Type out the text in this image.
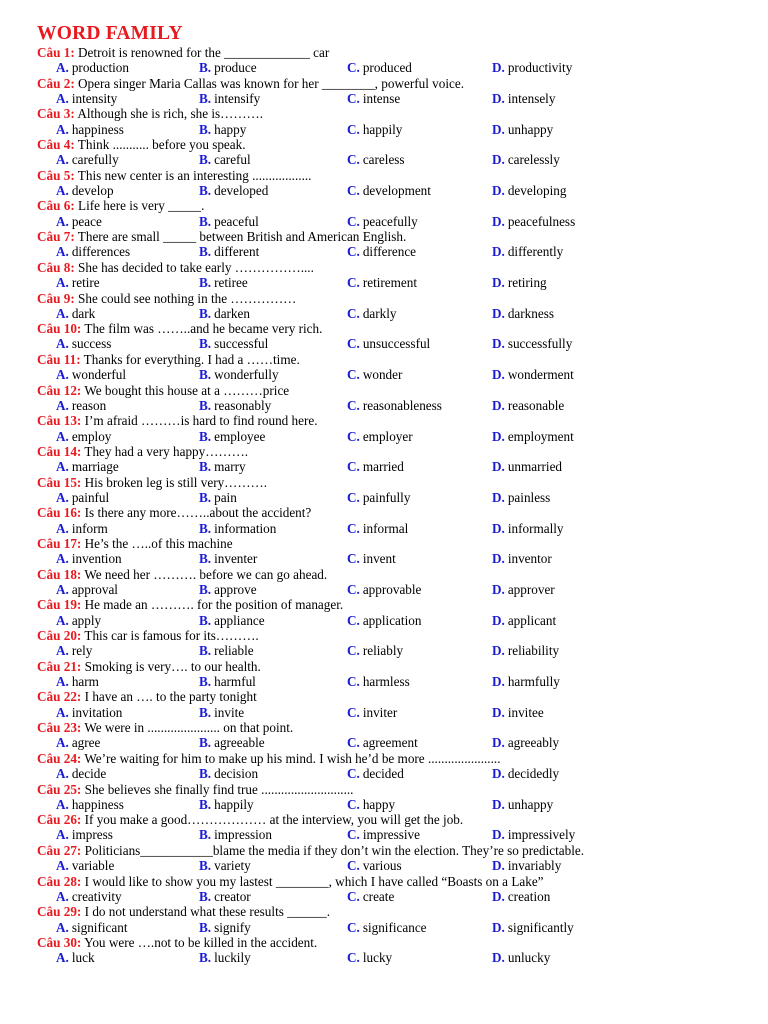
WORD FAMILY
Câu 1: Detroit is renowned for the _____________ car
A. production	B. produce	C. produced	D. productivity
Câu 2: Opera singer Maria Callas was known for her ________, powerful voice.
A. intensity	B. intensify	C. intense	D. intensely
Câu 3: Although she is rich, she is……….
A. happiness	B. happy	C. happily	D. unhappy
Câu 4: Think ........... before you speak.
A. carefully	B. careful	C. careless	D. carelessly
Câu 5: This new center is an interesting ..................
A. develop	B. developed	C. development	D. developing
Câu 6: Life here is very _____.
A. peace	B. peaceful	C. peacefully	D. peacefulness
Câu 7: There are small _____ between British and American English.
A. differences	B. different	C. difference	D. differently
Câu 8: She has decided to take early ……………....
A. retire	B. retiree	C. retirement	D. retiring
Câu 9: She could see nothing in the ……………
A. dark	B. darken	C. darkly	D. darkness
Câu 10: The film was ……..and he became very rich.
A. success	B. successful	C. unsuccessful	D. successfully
Câu 11: Thanks for everything. I had a ……time.
A. wonderful	B. wonderfully	C. wonder	D. wonderment
Câu 12: We bought this house at a ………price
A. reason	B. reasonably	C. reasonableness	D. reasonable
Câu 13: I’m afraid ………is hard to find round here.
A. employ	B. employee	C. employer	D. employment
Câu 14: They had a very happy……….
A. marriage	B. marry	C. married	D. unmarried
Câu 15: His broken leg is still very……….
A. painful	B. pain	C. painfully	D. painless
Câu 16: Is there any more……..about the accident?
A. inform	B. information	C. informal	D. informally
Câu 17: He’s the …..of this machine
A. invention	B. inventer	C. invent	D. inventor
Câu 18: We need her ………. before we can go ahead.
A. approval	B. approve	C. approvable	D. approver
Câu 19: He made an ………. for the position of manager.
A. apply	B. appliance	C. application	D. applicant
Câu 20: This car is famous for its……….
A. rely	B. reliable	C. reliably	D. reliability
Câu 21: Smoking is very…. to our health.
A. harm	B. harmful	C. harmless	D. harmfully
Câu 22: I have an …. to the party tonight
A. invitation	B. invite	C. inviter	D. invitee
Câu 23: We were in ...................... on that point.
A. agree	B. agreeable	C. agreement	D. agreeably
Câu 24: We’re waiting for him to make up his mind. I wish he’d be more ......................
A. decide	B. decision	C. decided	D. decidedly
Câu 25: She believes she finally find true ............................
A. happiness	B. happily	C. happy	D. unhappy
Câu 26: If you make a good……………… at the interview, you will get the job.
A. impress	B. impression	C. impressive	D. impressively
Câu 27: Politicians___________blame the media if they don’t win the election. They’re so predictable.
A. variable	B. variety	C. various	D. invariably
Câu 28: I would like to show you my lastest ________, which I have called “Boasts on a Lake”
A. creativity	B. creator	C. create	D. creation
Câu 29: I do not understand what these results ______.
A. significant	B. signify	C. significance	D. significantly
Câu 30: You were ….not to be killed in the accident.
A. luck	B. luckily	C. lucky	D. unlucky
